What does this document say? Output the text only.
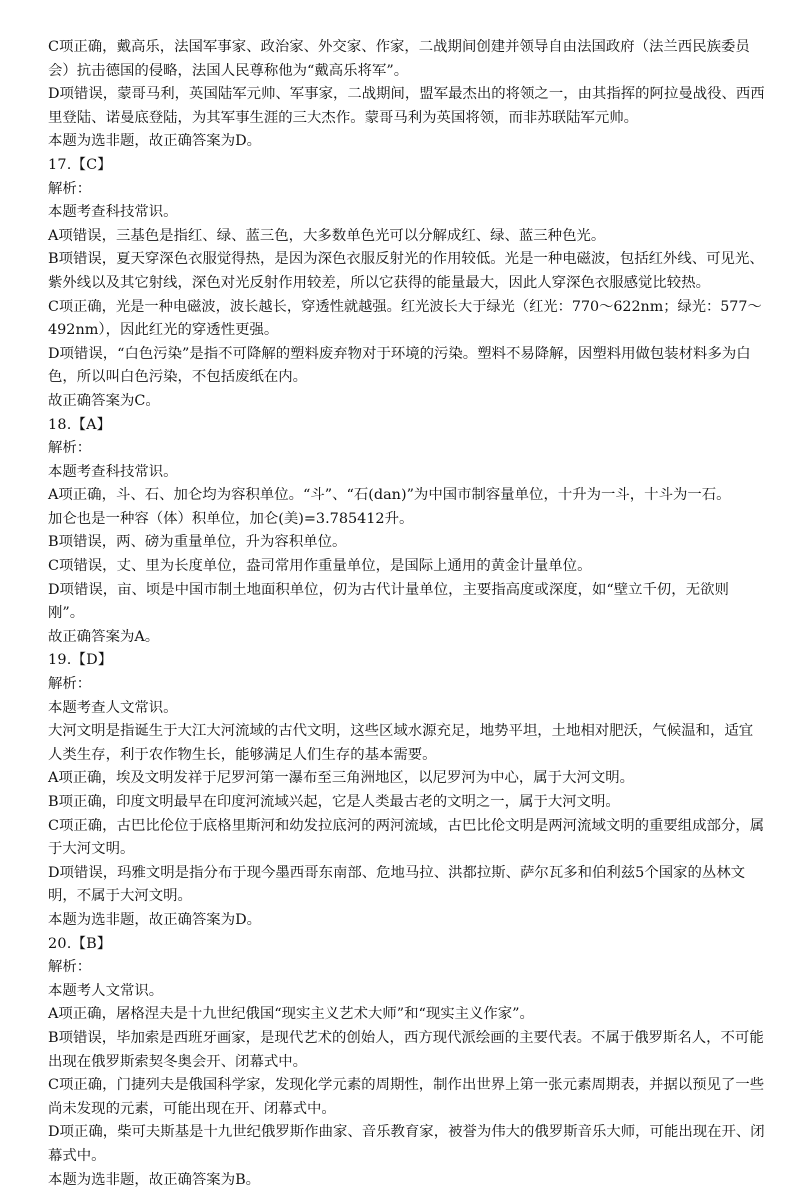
C项正确，戴高乐，法国军事家、政治家、外交家、作家，二战期间创建并领导自由法国政府（法兰西民族委员
会）抗击德国的侵略，法国人民尊称他为“戴高乐将军”。
D项错误，蒙哥马利，英国陆军元帅、军事家，二战期间，盟军最杰出的将领之一，由其指挥的阿拉曼战役、西西
里登陆、诺曼底登陆，为其军事生涯的三大杰作。蒙哥马利为英国将领，而非苏联陆军元帅。
本题为选非题，故正确答案为D。
17.【C】
解析：
本题考查科技常识。
A项错误，三基色是指红、绿、蓝三色，大多数单色光可以分解成红、绿、蓝三种色光。
B项错误，夏天穿深色衣服觉得热，是因为深色衣服反射光的作用较低。光是一种电磁波，包括红外线、可见光、
紫外线以及其它射线，深色对光反射作用较差，所以它获得的能量最大，因此人穿深色衣服感觉比较热。
C项正确，光是一种电磁波，波长越长，穿透性就越强。红光波长大于绿光（红光：770～622nm；绿光：577～
492nm），因此红光的穿透性更强。
D项错误，“白色污染”是指不可降解的塑料废弃物对于环境的污染。塑料不易降解，因塑料用做包装材料多为白
色，所以叫白色污染，不包括废纸在内。
故正确答案为C。
18.【A】
解析：
本题考查科技常识。
A项正确，斗、石、加仑均为容积单位。“斗”、“石(dan)”为中国市制容量单位，十升为一斗，十斗为一石。
加仑也是一种容（体）积单位，加仑(美)=3.785412升。
B项错误，两、磅为重量单位，升为容积单位。
C项错误，丈、里为长度单位，盎司常用作重量单位，是国际上通用的黄金计量单位。
D项错误，亩、顷是中国市制土地面积单位，仞为古代计量单位，主要指高度或深度，如“壁立千仞，无欲则
刚”。
故正确答案为A。
19.【D】
解析：
本题考查人文常识。
大河文明是指诞生于大江大河流域的古代文明，这些区域水源充足，地势平坦，土地相对肥沃，气候温和，适宜
人类生存，利于农作物生长，能够满足人们生存的基本需要。
A项正确，埃及文明发祥于尼罗河第一瀑布至三角洲地区，以尼罗河为中心，属于大河文明。
B项正确，印度文明最早在印度河流域兴起，它是人类最古老的文明之一，属于大河文明。
C项正确，古巴比伦位于底格里斯河和幼发拉底河的两河流域，古巴比伦文明是两河流域文明的重要组成部分，属
于大河文明。
D项错误，玛雅文明是指分布于现今墨西哥东南部、危地马拉、洪都拉斯、萨尔瓦多和伯利兹5个国家的丛林文
明，不属于大河文明。
本题为选非题，故正确答案为D。
20.【B】
解析：
本题考人文常识。
A项正确，屠格涅夫是十九世纪俄国“现实主义艺术大师”和“现实主义作家”。
B项错误，毕加索是西班牙画家，是现代艺术的创始人，西方现代派绘画的主要代表。不属于俄罗斯名人，不可能
出现在俄罗斯索契冬奥会开、闭幕式中。
C项正确，门捷列夫是俄国科学家，发现化学元素的周期性，制作出世界上第一张元素周期表，并据以预见了一些
尚未发现的元素，可能出现在开、闭幕式中。
D项正确，柴可夫斯基是十九世纪俄罗斯作曲家、音乐教育家，被誉为伟大的俄罗斯音乐大师，可能出现在开、闭
幕式中。
本题为选非题，故正确答案为B。
